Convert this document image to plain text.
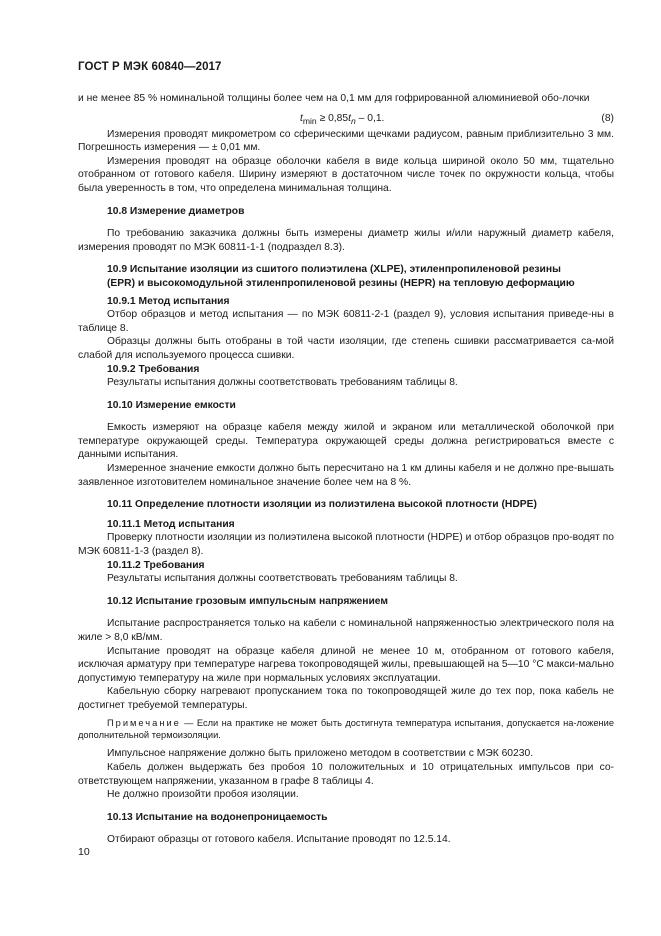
ГОСТ Р МЭК 60840—2017

и не менее 85 % номинальной толщины более чем на 0,1 мм для гофрированной алюминиевой обо-лочки

$t_{min} \ge 0,85t_n - 0,1$.	(8)

Измерения проводят микрометром со сферическими щечками радиусом, равным приблизительно 3 мм. Погрешность измерения — ± 0,01 мм.

Измерения проводят на образце оболочки кабеля в виде кольца шириной около 50 мм, тщательно отобранном от готового кабеля. Ширину измеряют в достаточном числе точек по окружности кольца, чтобы была уверенность в том, что определена минимальная толщина.

10.8 Измерение диаметров

По требованию заказчика должны быть измерены диаметр жилы и/или наружный диаметр кабеля, измерения проводят по МЭК 60811-1-1 (подраздел 8.3).

10.9 Испытание изоляции из сшитого полиэтилена (XLPE), этиленпропиленовой резины

(EPR) и высокомодульной этиленпропиленовой резины (HEPR) на тепловую деформацию

10.9.1 Метод испытания

Отбор образцов и метод испытания — по МЭК 60811-2-1 (раздел 9), условия испытания приведе-ны в таблице 8.

Образцы должны быть отобраны в той части изоляции, где степень сшивки рассматривается са-мой слабой для используемого процесса сшивки.

10.9.2 Требования

Результаты испытания должны соответствовать требованиям таблицы 8.

10.10 Измерение емкости

Емкость измеряют на образце кабеля между жилой и экраном или металлической оболочкой при температуре окружающей среды. Температура окружающей среды должна регистрироваться вместе с данными испытания.

Измеренное значение емкости должно быть пересчитано на 1 км длины кабеля и не должно пре-вышать заявленное изготовителем номинальное значение более чем на 8 %.

10.11 Определение плотности изоляции из полиэтилена высокой плотности (HDPE)

10.11.1 Метод испытания

Проверку плотности изоляции из полиэтилена высокой плотности (HDPE) и отбор образцов про-водят по МЭК 60811-1-3 (раздел 8).

10.11.2 Требования

Результаты испытания должны соответствовать требованиям таблицы 8.

10.12 Испытание грозовым импульсным напряжением

Испытание распространяется только на кабели с номинальной напряженностью электрического поля на жиле > 8,0 кВ/мм.

Испытание проводят на образце кабеля длиной не менее 10 м, отобранном от готового кабеля, исключая арматуру при температуре нагрева токопроводящей жилы, превышающей на 5—10 °С макси-мально допустимую температуру на жиле при нормальных условиях эксплуатации.

Кабельную сборку нагревают пропусканием тока по токопроводящей жиле до тех пор, пока кабель не достигнет требуемой температуры.

Примечание — Если на практике не может быть достигнута температура испытания, допускается на-ложение дополнительной термоизоляции.

Импульсное напряжение должно быть приложено методом в соответствии с МЭК 60230.

Кабель должен выдержать без пробоя 10 положительных и 10 отрицательных импульсов при со-ответствующем напряжении, указанном в графе 8 таблицы 4.

Не должно произойти пробоя изоляции.

10.13 Испытание на водонепроницаемость

Отбирают образцы от готового кабеля. Испытание проводят по 12.5.14.

10
